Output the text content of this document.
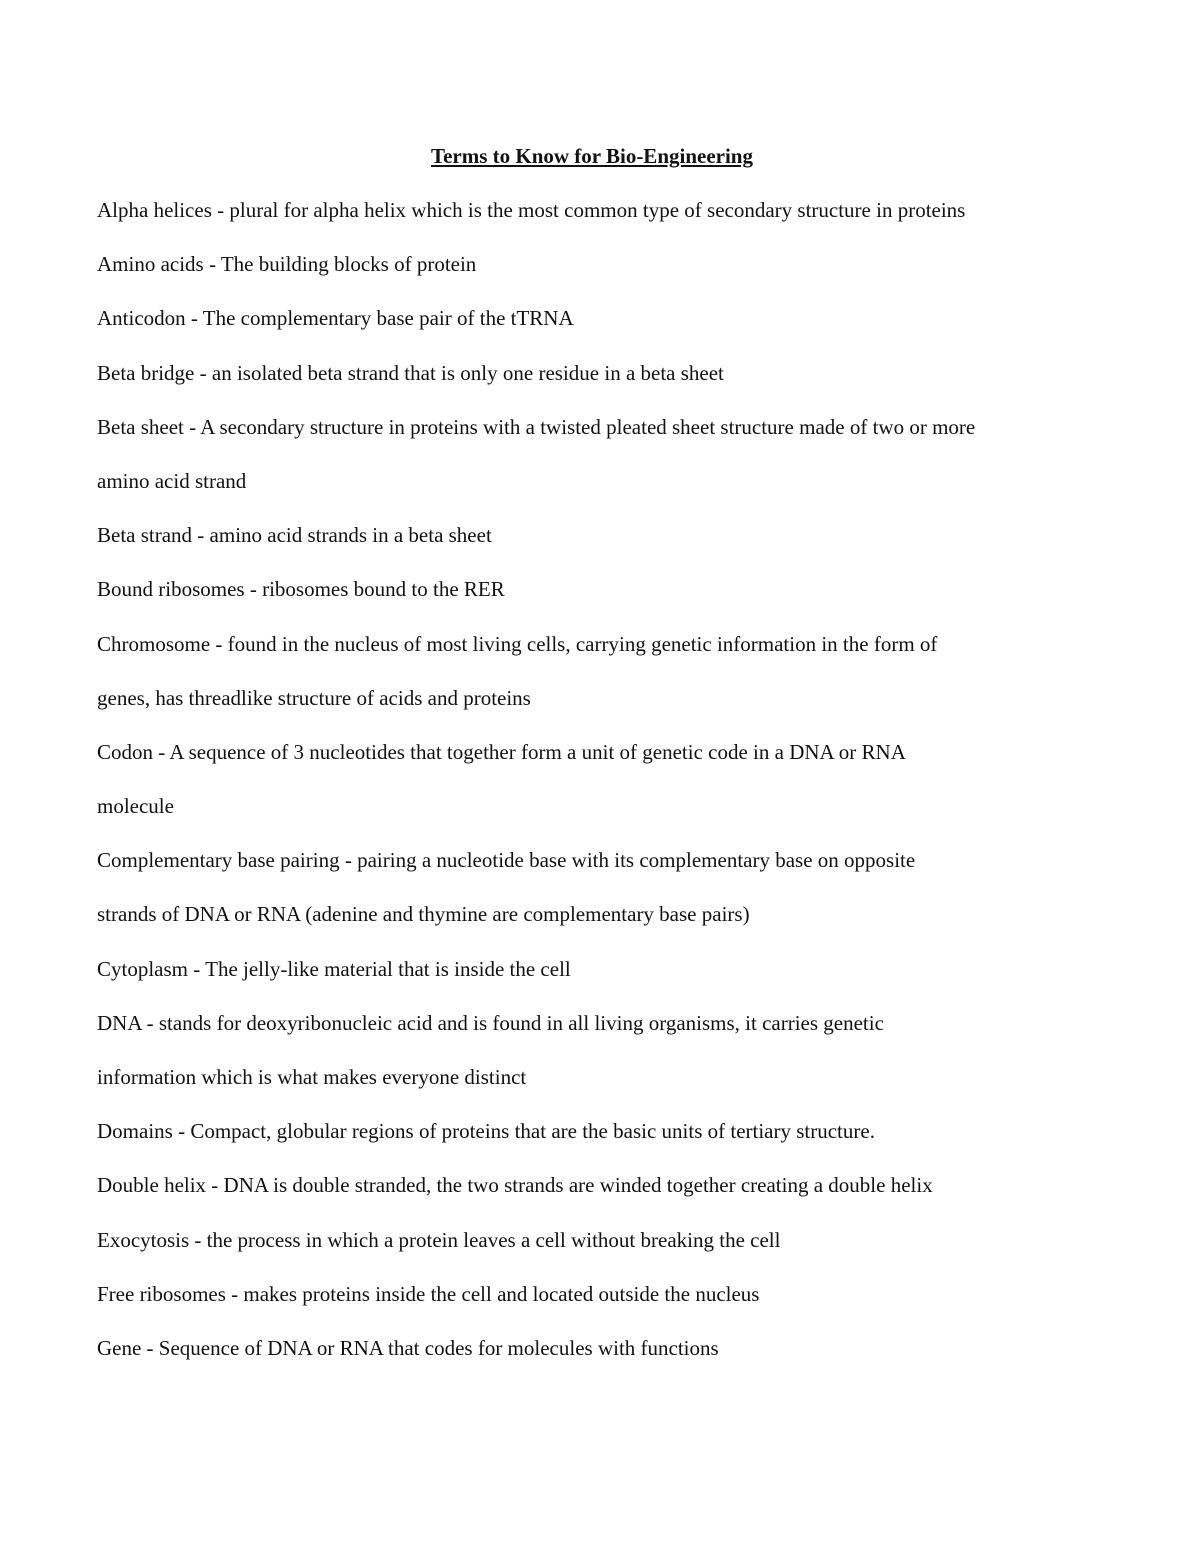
Terms to Know for Bio-Engineering
Alpha helices - plural for alpha helix which is the most common type of secondary structure in proteins
Amino acids - The building blocks of protein
Anticodon - The complementary base pair of the tTRNA
Beta bridge - an isolated beta strand that is only one residue in a beta sheet
Beta sheet - A secondary structure in proteins with a twisted pleated sheet structure made of two or more
amino acid strand
Beta strand - amino acid strands in a beta sheet
Bound ribosomes - ribosomes bound to the RER
Chromosome - found in the nucleus of most living cells, carrying genetic information in the form of
genes, has threadlike structure of acids and proteins
Codon - A sequence of 3 nucleotides that together form a unit of genetic code in a DNA or RNA
molecule
Complementary base pairing - pairing a nucleotide base with its complementary base on opposite
strands of DNA or RNA (adenine and thymine are complementary base pairs)
Cytoplasm - The jelly-like material that is inside the cell
DNA - stands for deoxyribonucleic acid and is found in all living organisms, it carries genetic
information which is what makes everyone distinct
Domains - Compact, globular regions of proteins that are the basic units of tertiary structure.
Double helix - DNA is double stranded, the two strands are winded together creating a double helix
Exocytosis - the process in which a protein leaves a cell without breaking the cell
Free ribosomes - makes proteins inside the cell and located outside the nucleus
Gene - Sequence of DNA or RNA that codes for molecules with functions
